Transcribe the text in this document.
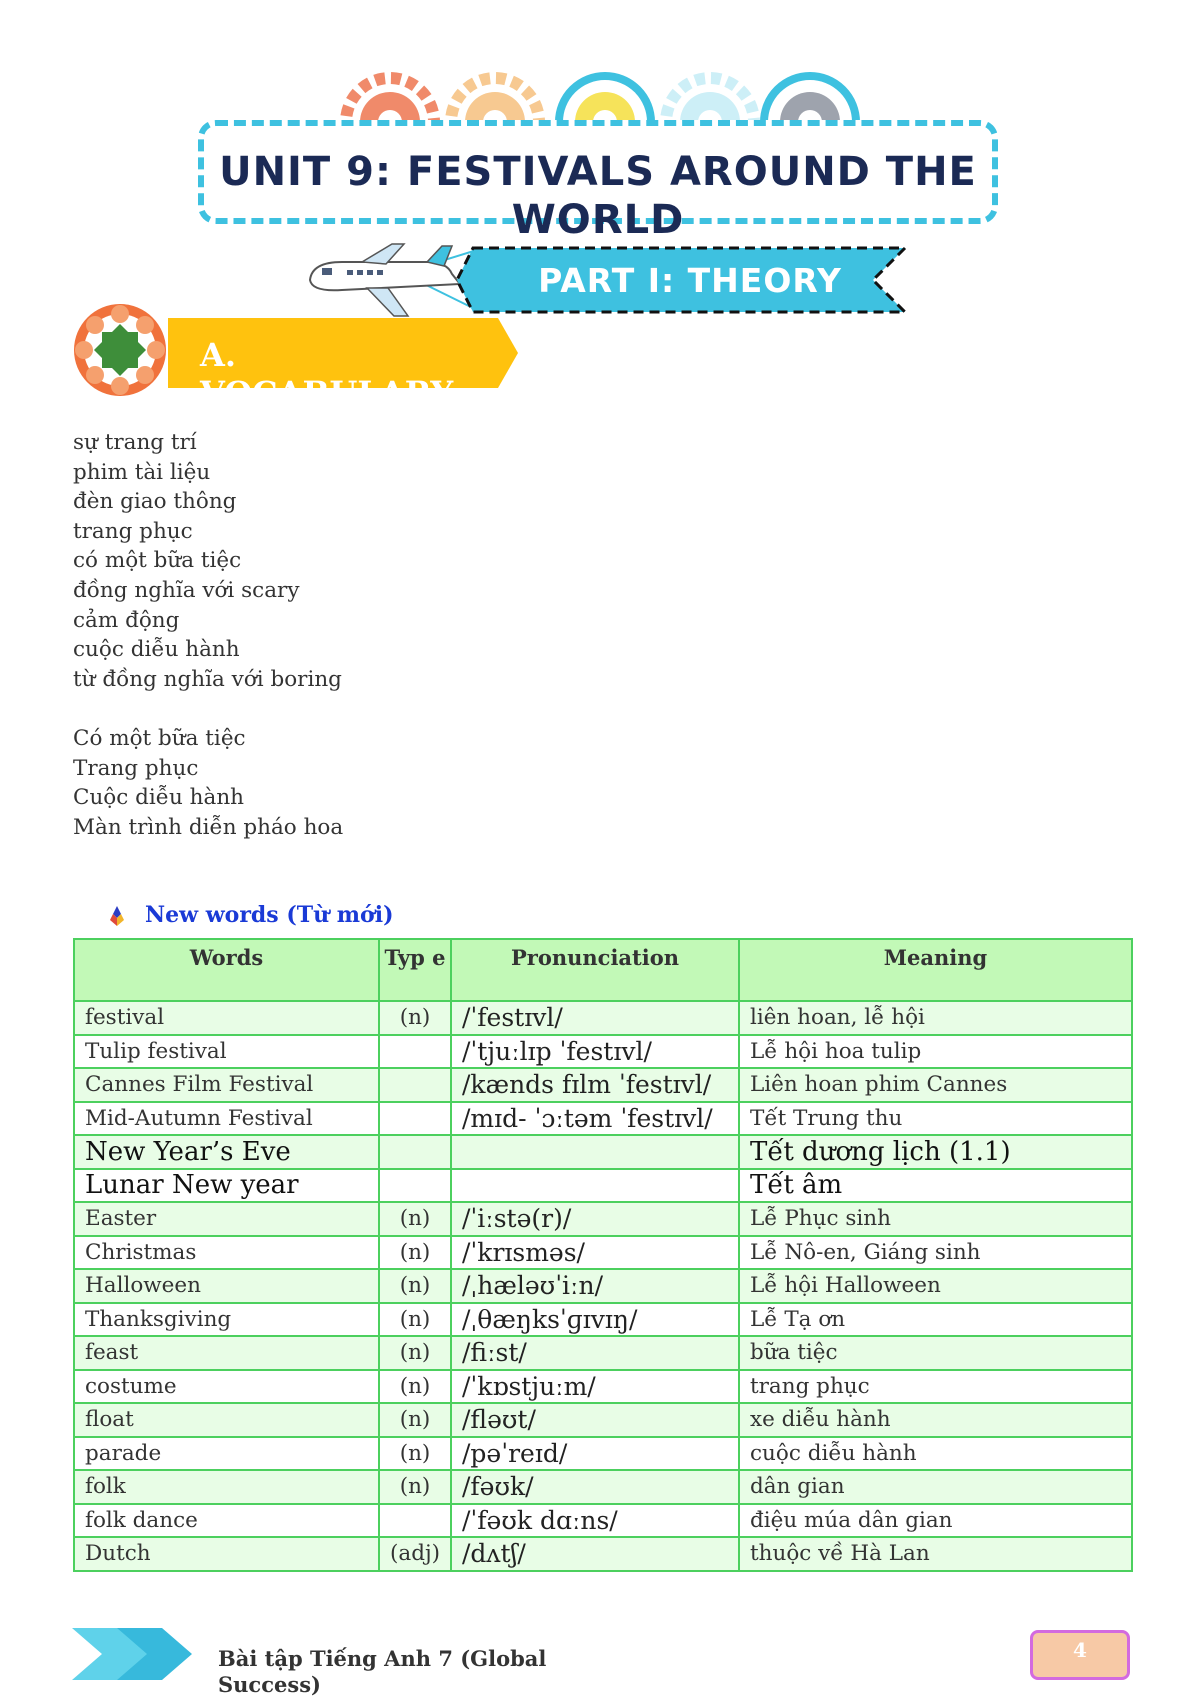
UNIT 9: FESTIVALS AROUND THE WORLD
PART I: THEORY
A. VOCABULARY
sự trang trí
phim tài liệu
đèn giao thông
trang phục
có một bữa tiệc
đồng nghĩa với scary
cảm động
cuộc diễu hành
từ đồng nghĩa với boring
Có một bữa tiệc
Trang phục
Cuộc diễu hành
Màn trình diễn pháo hoa
New words (Từ mới)
Words	Typ e	Pronunciation	Meaning
festival	(n)	/ˈfestɪvl/	liên hoan, lễ hội
Tulip festival		/ˈtjuːlɪp ˈfestɪvl/	Lễ hội hoa tulip
Cannes Film Festival		/kænds fɪlm ˈfestɪvl/	Liên hoan phim Cannes
Mid-Autumn Festival		/mɪd- ˈɔːtəm ˈfestɪvl/	Tết Trung thu
New Year’s Eve			Tết dương lịch (1.1)
Lunar New year			Tết âm
Easter	(n)	/ˈiːstə(r)/	Lễ Phục sinh
Christmas	(n)	/ˈkrɪsməs/	Lễ Nô-en, Giáng sinh
Halloween	(n)	/ˌhæləʊˈiːn/	Lễ hội Halloween
Thanksgiving	(n)	/ˌθæŋksˈɡɪvɪŋ/	Lễ Tạ ơn
feast	(n)	/fiːst/	bữa tiệc
costume	(n)	/ˈkɒstjuːm/	trang phục
float	(n)	/fləʊt/	xe diễu hành
parade	(n)	/pəˈreɪd/	cuộc diễu hành
folk	(n)	/fəʊk/	dân gian
folk dance		/ˈfəʊk dɑːns/	điệu múa dân gian
Dutch	(adj)	/dʌtʃ/	thuộc về Hà Lan
Bài tập Tiếng Anh 7 (Global Success)
4
